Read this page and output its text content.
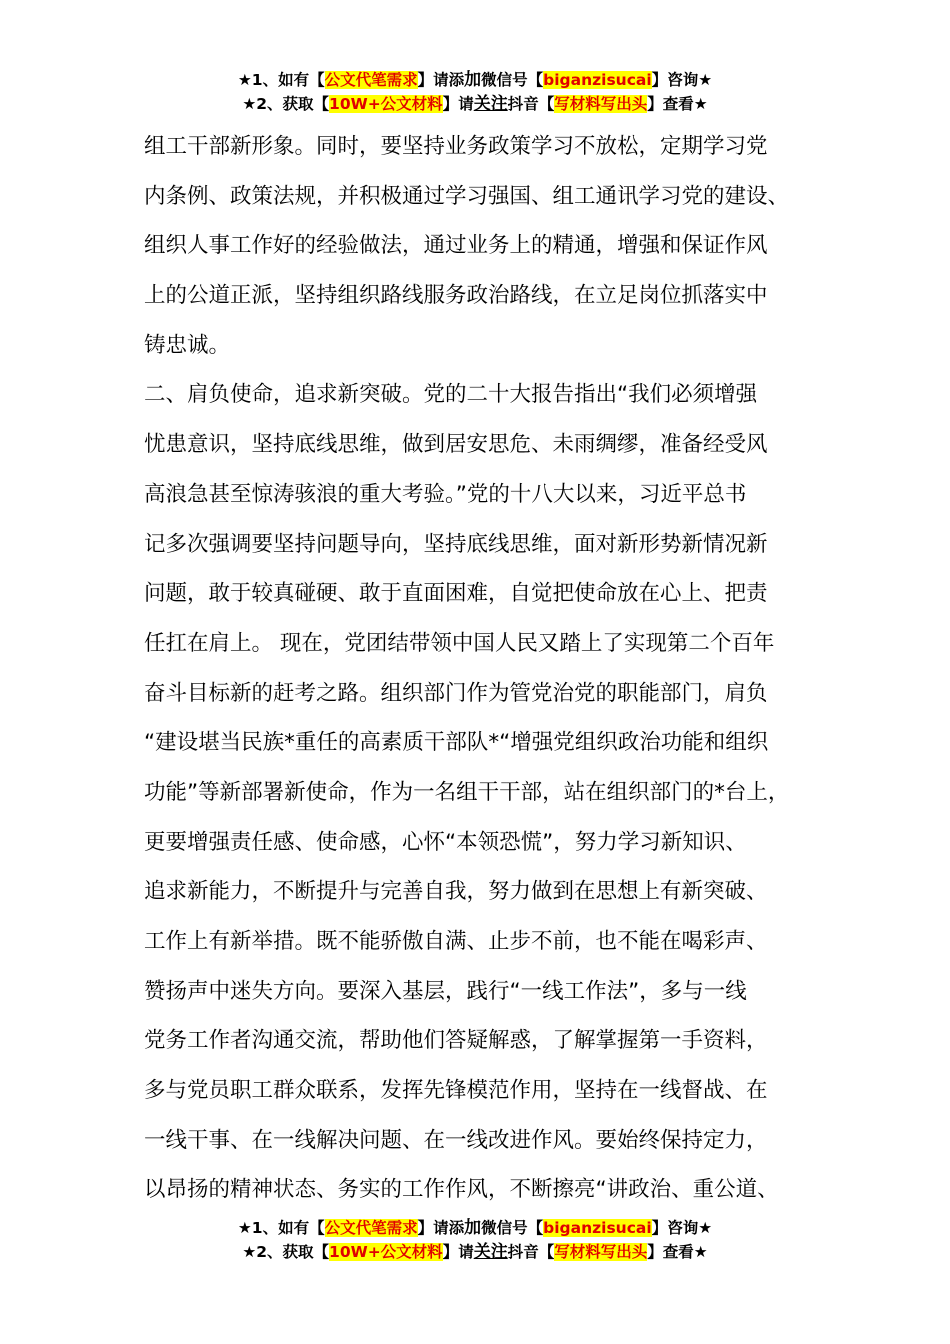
★1、如有【公文代笔需求】请添加微信号【biganzisucai】咨询★
★2、获取【10W+公文材料】请关注抖音【写材料写出头】查看★
组工干部新形象。同时，要坚持业务政策学习不放松，定期学习党
内条例、政策法规，并积极通过学习强国、组工通讯学习党的建设、
组织人事工作好的经验做法，通过业务上的精通，增强和保证作风
上的公道正派，坚持组织路线服务政治路线，在立足岗位抓落实中
铸忠诚。
二、肩负使命，追求新突破。党的二十大报告指出“我们必须增强
忧患意识，坚持底线思维，做到居安思危、未雨绸缪，准备经受风
高浪急甚至惊涛骇浪的重大考验。”党的十八大以来，习近平总书
记多次强调要坚持问题导向，坚持底线思维，面对新形势新情况新
问题，敢于较真碰硬、敢于直面困难，自觉把使命放在心上、把责
任扛在肩上。 现在，党团结带领中国人民又踏上了实现第二个百年
奋斗目标新的赶考之路。组织部门作为管党治党的职能部门，肩负
“建设堪当民族*重任的高素质干部队*“增强党组织政治功能和组织
功能”等新部署新使命，作为一名组干干部，站在组织部门的*台上，
更要增强责任感、使命感，心怀“本领恐慌”，努力学习新知识、
追求新能力，不断提升与完善自我，努力做到在思想上有新突破、
工作上有新举措。既不能骄傲自满、止步不前，也不能在喝彩声、
赞扬声中迷失方向。要深入基层，践行“一线工作法”，多与一线
党务工作者沟通交流，帮助他们答疑解惑，了解掌握第一手资料，
多与党员职工群众联系，发挥先锋模范作用，坚持在一线督战、在
一线干事、在一线解决问题、在一线改进作风。要始终保持定力，
以昂扬的精神状态、务实的工作作风，不断擦亮“讲政治、重公道、
★1、如有【公文代笔需求】请添加微信号【biganzisucai】咨询★
★2、获取【10W+公文材料】请关注抖音【写材料写出头】查看★
